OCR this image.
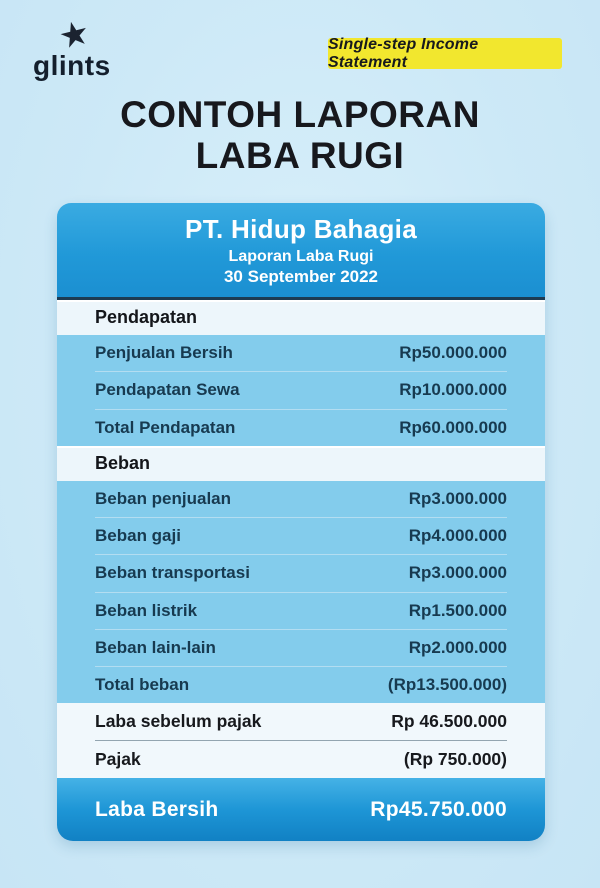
★
glints
Single-step Income Statement
CONTOH LAPORAN
LABA RUGI
PT. Hidup Bahagia
Laporan Laba Rugi
30 September 2022
Pendapatan
Penjualan Bersih	Rp50.000.000
Pendapatan Sewa	Rp10.000.000
Total Pendapatan	Rp60.000.000
Beban
Beban penjualan	Rp3.000.000
Beban gaji	Rp4.000.000
Beban transportasi	Rp3.000.000
Beban listrik	Rp1.500.000
Beban lain-lain	Rp2.000.000
Total beban	(Rp13.500.000)
Laba sebelum pajak	Rp 46.500.000
Pajak	(Rp 750.000)
Laba Bersih	Rp45.750.000
